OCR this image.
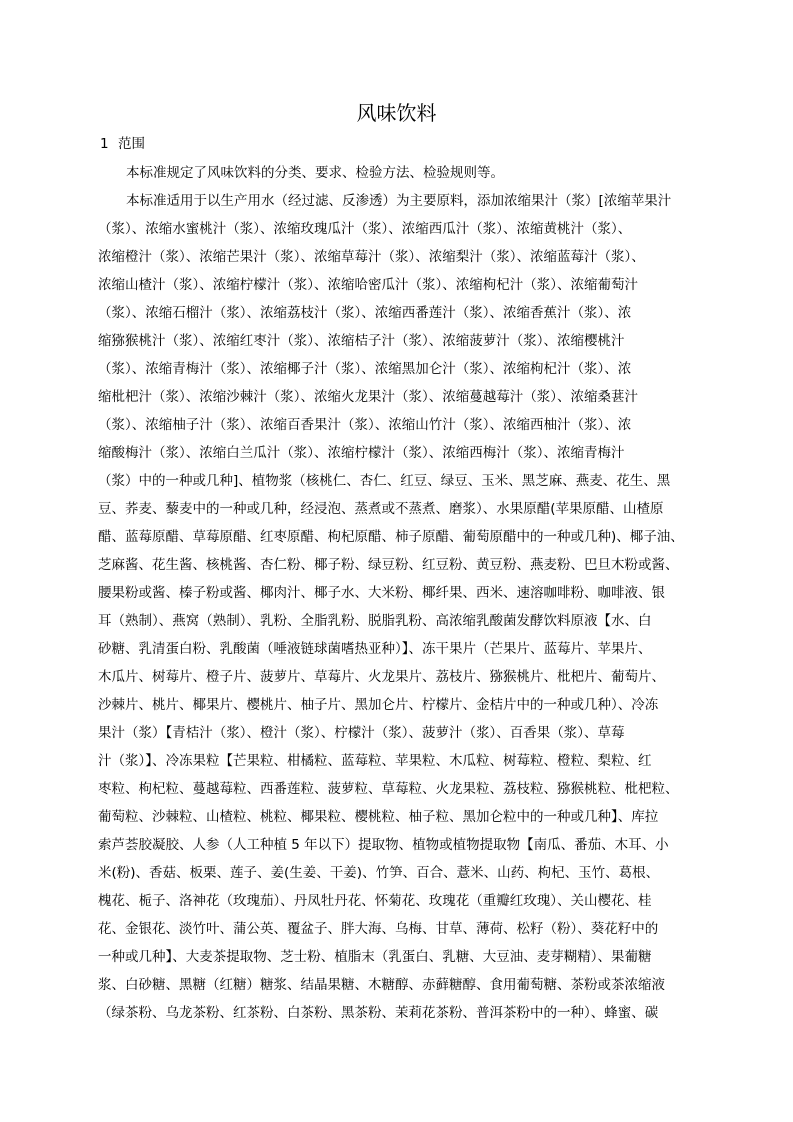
风味饮料
1 范围
本标准规定了风味饮料的分类、要求、检验方法、检验规则等。
本标准适用于以生产用水（经过滤、反渗透）为主要原料，添加浓缩果汁（浆）[浓缩苹果汁
（浆）、浓缩水蜜桃汁（浆）、浓缩玫瑰瓜汁（浆）、浓缩西瓜汁（浆）、浓缩黄桃汁（浆）、
浓缩橙汁（浆）、浓缩芒果汁（浆）、浓缩草莓汁（浆）、浓缩梨汁（浆）、浓缩蓝莓汁（浆）、
浓缩山楂汁（浆）、浓缩柠檬汁（浆）、浓缩哈密瓜汁（浆）、浓缩枸杞汁（浆）、浓缩葡萄汁
（浆）、浓缩石榴汁（浆）、浓缩荔枝汁（浆）、浓缩西番莲汁（浆）、浓缩香蕉汁（浆）、浓
缩猕猴桃汁（浆）、浓缩红枣汁（浆）、浓缩桔子汁（浆）、浓缩菠萝汁（浆）、浓缩樱桃汁
（浆）、浓缩青梅汁（浆）、浓缩椰子汁（浆）、浓缩黑加仑汁（浆）、浓缩枸杞汁（浆）、浓
缩枇杷汁（浆）、浓缩沙棘汁（浆）、浓缩火龙果汁（浆）、浓缩蔓越莓汁（浆）、浓缩桑葚汁
（浆）、浓缩柚子汁（浆）、浓缩百香果汁（浆）、浓缩山竹汁（浆）、浓缩西柚汁（浆）、浓
缩酸梅汁（浆）、浓缩白兰瓜汁（浆）、浓缩柠檬汁（浆）、浓缩西梅汁（浆）、浓缩青梅汁
（浆）中的一种或几种]、植物浆（核桃仁、杏仁、红豆、绿豆、玉米、黑芝麻、燕麦、花生、黑
豆、荞麦、藜麦中的一种或几种，经浸泡、蒸煮或不蒸煮、磨浆）、水果原醋(苹果原醋、山楂原
醋、蓝莓原醋、草莓原醋、红枣原醋、枸杞原醋、柿子原醋、葡萄原醋中的一种或几种)、椰子油、
芝麻酱、花生酱、核桃酱、杏仁粉、椰子粉、绿豆粉、红豆粉、黄豆粉、燕麦粉、巴旦木粉或酱、
腰果粉或酱、榛子粉或酱、椰肉汁、椰子水、大米粉、椰纤果、西米、速溶咖啡粉、咖啡液、银
耳（熟制）、燕窝（熟制）、乳粉、全脂乳粉、脱脂乳粉、高浓缩乳酸菌发酵饮料原液【水、白
砂糖、乳清蛋白粉、乳酸菌（唾液链球菌嗜热亚种）】、冻干果片（芒果片、蓝莓片、苹果片、
木瓜片、树莓片、橙子片、菠萝片、草莓片、火龙果片、荔枝片、猕猴桃片、枇杷片、葡萄片、
沙棘片、桃片、椰果片、樱桃片、柚子片、黑加仑片、柠檬片、金桔片中的一种或几种）、冷冻
果汁（浆）【青桔汁（浆）、橙汁（浆）、柠檬汁（浆）、菠萝汁（浆）、百香果（浆）、草莓
汁（浆）】、冷冻果粒【芒果粒、柑橘粒、蓝莓粒、苹果粒、木瓜粒、树莓粒、橙粒、梨粒、红
枣粒、枸杞粒、蔓越莓粒、西番莲粒、菠萝粒、草莓粒、火龙果粒、荔枝粒、猕猴桃粒、枇杷粒、
葡萄粒、沙棘粒、山楂粒、桃粒、椰果粒、樱桃粒、柚子粒、黑加仑粒中的一种或几种】、库拉
索芦荟胶凝胶、人参（人工种植 5 年以下）提取物、植物或植物提取物【南瓜、番茄、木耳、小
米(粉)、香菇、板栗、莲子、姜(生姜、干姜)、竹笋、百合、薏米、山药、枸杞、玉竹、葛根、
槐花、栀子、洛神花（玫瑰茄）、丹凤牡丹花、怀菊花、玫瑰花（重瓣红玫瑰）、关山樱花、桂
花、金银花、淡竹叶、蒲公英、覆盆子、胖大海、乌梅、甘草、薄荷、松籽（粉）、葵花籽中的
一种或几种】、大麦茶提取物、芝士粉、植脂末（乳蛋白、乳糖、大豆油、麦芽糊精）、果葡糖
浆、白砂糖、黑糖（红糖）糖浆、结晶果糖、木糖醇、赤藓糖醇、食用葡萄糖、茶粉或茶浓缩液
（绿茶粉、乌龙茶粉、红茶粉、白茶粉、黑茶粉、茉莉花茶粉、普洱茶粉中的一种）、蜂蜜、碳
